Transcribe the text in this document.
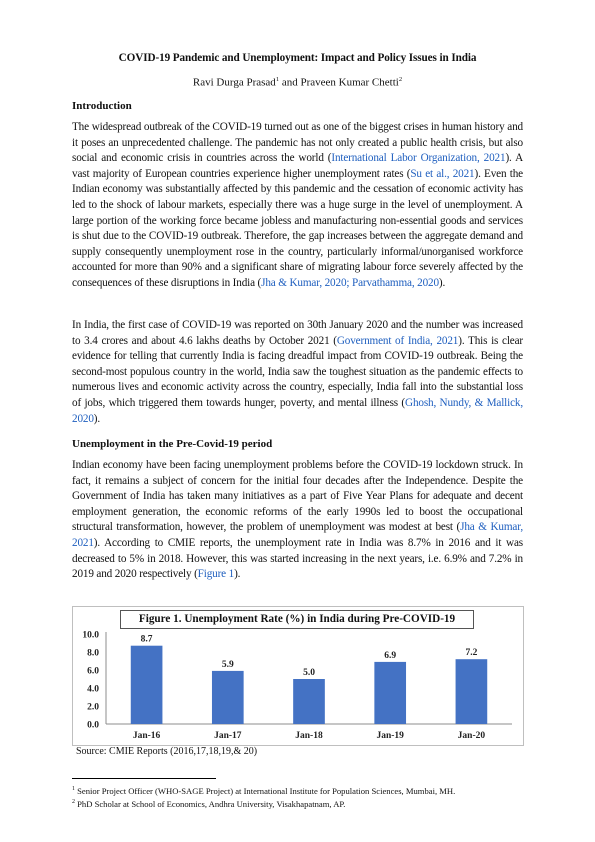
COVID-19 Pandemic and Unemployment: Impact and Policy Issues in India
Ravi Durga Prasad$^1$ and Praveen Kumar Chetti$^2$
Introduction

The widespread outbreak of the COVID-19 turned out as one of the biggest crises in human history and it poses an unprecedented challenge. The pandemic has not only created a public health crisis, but also social and economic crisis in countries across the world (International Labor Organization, 2021). A vast majority of European countries experience higher unemployment rates (Su et al., 2021). Even the Indian economy was substantially affected by this pandemic and the cessation of economic activity has led to the shock of labour markets, especially there was a huge surge in the level of unemployment. A large portion of the working force became jobless and manufacturing non-essential goods and services is shut due to the COVID-19 outbreak. Therefore, the gap increases between the aggregate demand and supply consequently unemployment rose in the country, particularly informal/unorganised workforce accounted for more than 90% and a significant share of migrating labour force severely affected by the consequences of these disruptions in India (Jha & Kumar, 2020; Parvathamma, 2020).

In India, the first case of COVID-19 was reported on 30th January 2020 and the number was increased to 3.4 crores and about 4.6 lakhs deaths by October 2021 (Government of India, 2021). This is clear evidence for telling that currently India is facing dreadful impact from COVID-19 outbreak. Being the second-most populous country in the world, India saw the toughest situation as the pandemic effects to numerous lives and economic activity across the country, especially, India fall into the substantial loss of jobs, which triggered them towards hunger, poverty, and mental illness (Ghosh, Nundy, & Mallick, 2020).

Unemployment in the Pre-Covid-19 period

Indian economy have been facing unemployment problems before the COVID-19 lockdown struck. In fact, it remains a subject of concern for the initial four decades after the Independence. Despite the Government of India has taken many initiatives as a part of Five Year Plans for adequate and decent employment generation, the economic reforms of the early 1990s led to boost the occupational structural transformation, however, the problem of unemployment was modest at best (Jha & Kumar, 2021). According to CMIE reports, the unemployment rate in India was 8.7% in 2016 and it was decreased to 5% in 2018. However, this was started increasing in the next years, i.e. 6.9% and 7.2% in 2019 and 2020 respectively (Figure 1).

Figure 1. Unemployment Rate (%) in India during Pre-COVID-19
0.0
2.0
4.0
6.0
8.0
10.0	8.7
Jan-16
5.9
Jan-17
5.0
Jan-18
6.9
Jan-19
7.2
Jan-20
Source: CMIE Reports (2016,17,18,19,& 20)
$^1$ Senior Project Officer (WHO-SAGE Project) at International Institute for Population Sciences, Mumbai, MH.
$^2$ PhD Scholar at School of Economics, Andhra University, Visakhapatnam, AP.
